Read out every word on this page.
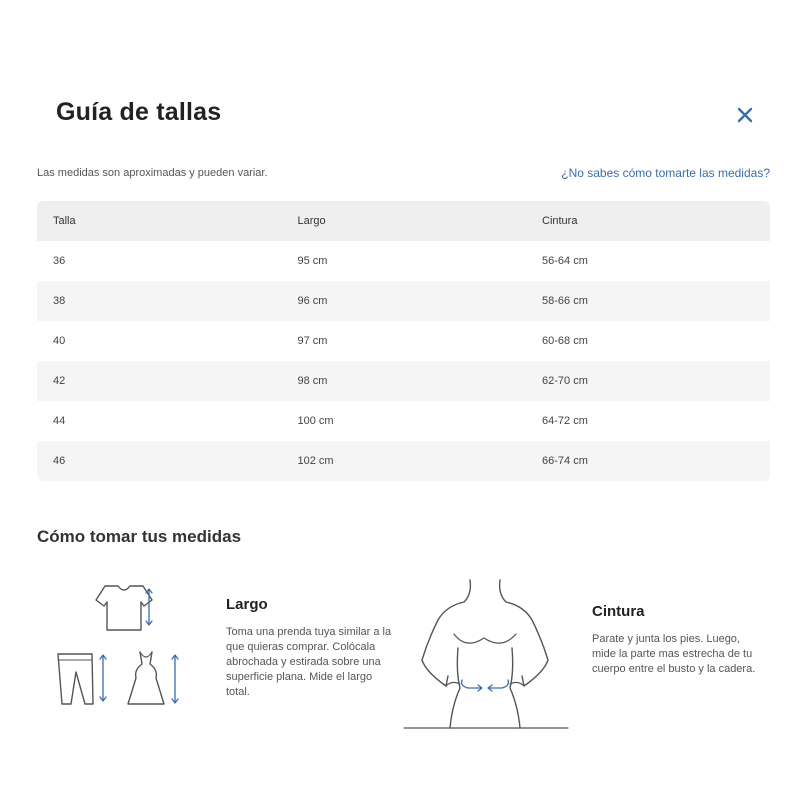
Guía de tallas
Las medidas son aproximadas y pueden variar.	¿No sabes cómo tomarte las medidas?
Talla	Largo	Cintura
36	95 cm	56-64 cm
38	96 cm	58-66 cm
40	97 cm	60-68 cm
42	98 cm	62-70 cm
44	100 cm	64-72 cm
46	102 cm	66-74 cm
Cómo tomar tus medidas
Largo
Toma una prenda tuya similar a la que quieras comprar. Colócala abrochada y estirada sobre una superficie plana. Mide el largo total.
Cintura
Parate y junta los pies. Luego, mide la parte mas estrecha de tu cuerpo entre el busto y la cadera.
